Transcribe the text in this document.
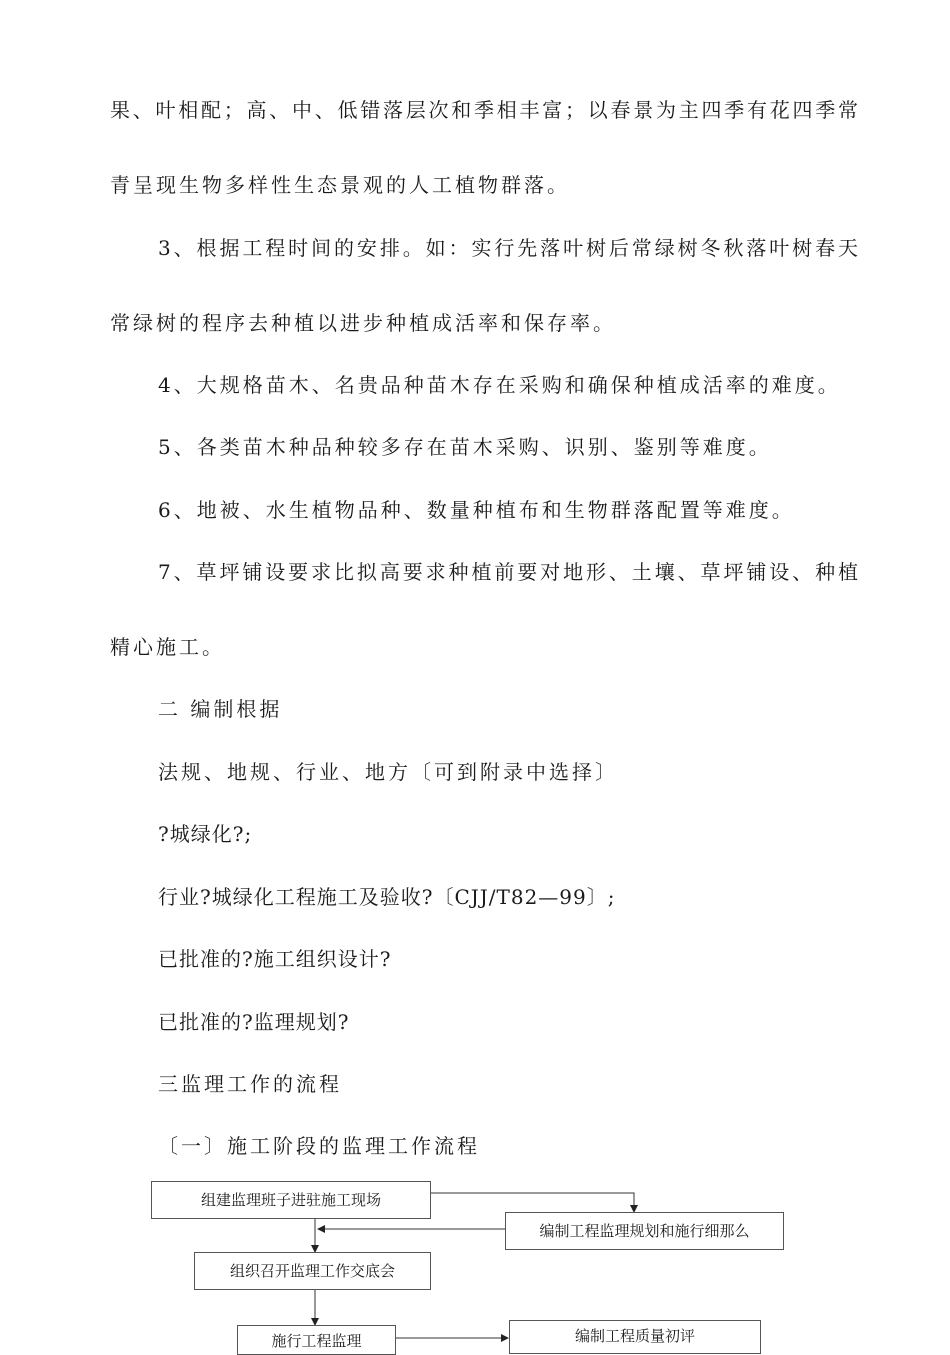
果、叶相配；高、中、低错落层次和季相丰富；以春景为主四季有花四季常
青呈现生物多样性生态景观的人工植物群落。
3、根据工程时间的安排。如：实行先落叶树后常绿树冬秋落叶树春天
常绿树的程序去种植以进步种植成活率和保存率。
4、大规格苗木、名贵品种苗木存在采购和确保种植成活率的难度。
5、各类苗木种品种较多存在苗木采购、识别、鉴别等难度。
6、地被、水生植物品种、数量种植布和生物群落配置等难度。
7、草坪铺设要求比拟高要求种植前要对地形、土壤、草坪铺设、种植
精心施工。
二 编制根据
法规、地规、行业、地方〔可到附录中选择〕
?城绿化?;
行业?城绿化工程施工及验收?〔CJJ/T82—99〕;
已批准的?施工组织设计?
已批准的?监理规划?
三监理工作的流程
〔一〕施工阶段的监理工作流程
组建监理班子进驻施工现场
编制工程监理规划和施行细那么
组织召开监理工作交底会
施行工程监理	编制工程质量初评
